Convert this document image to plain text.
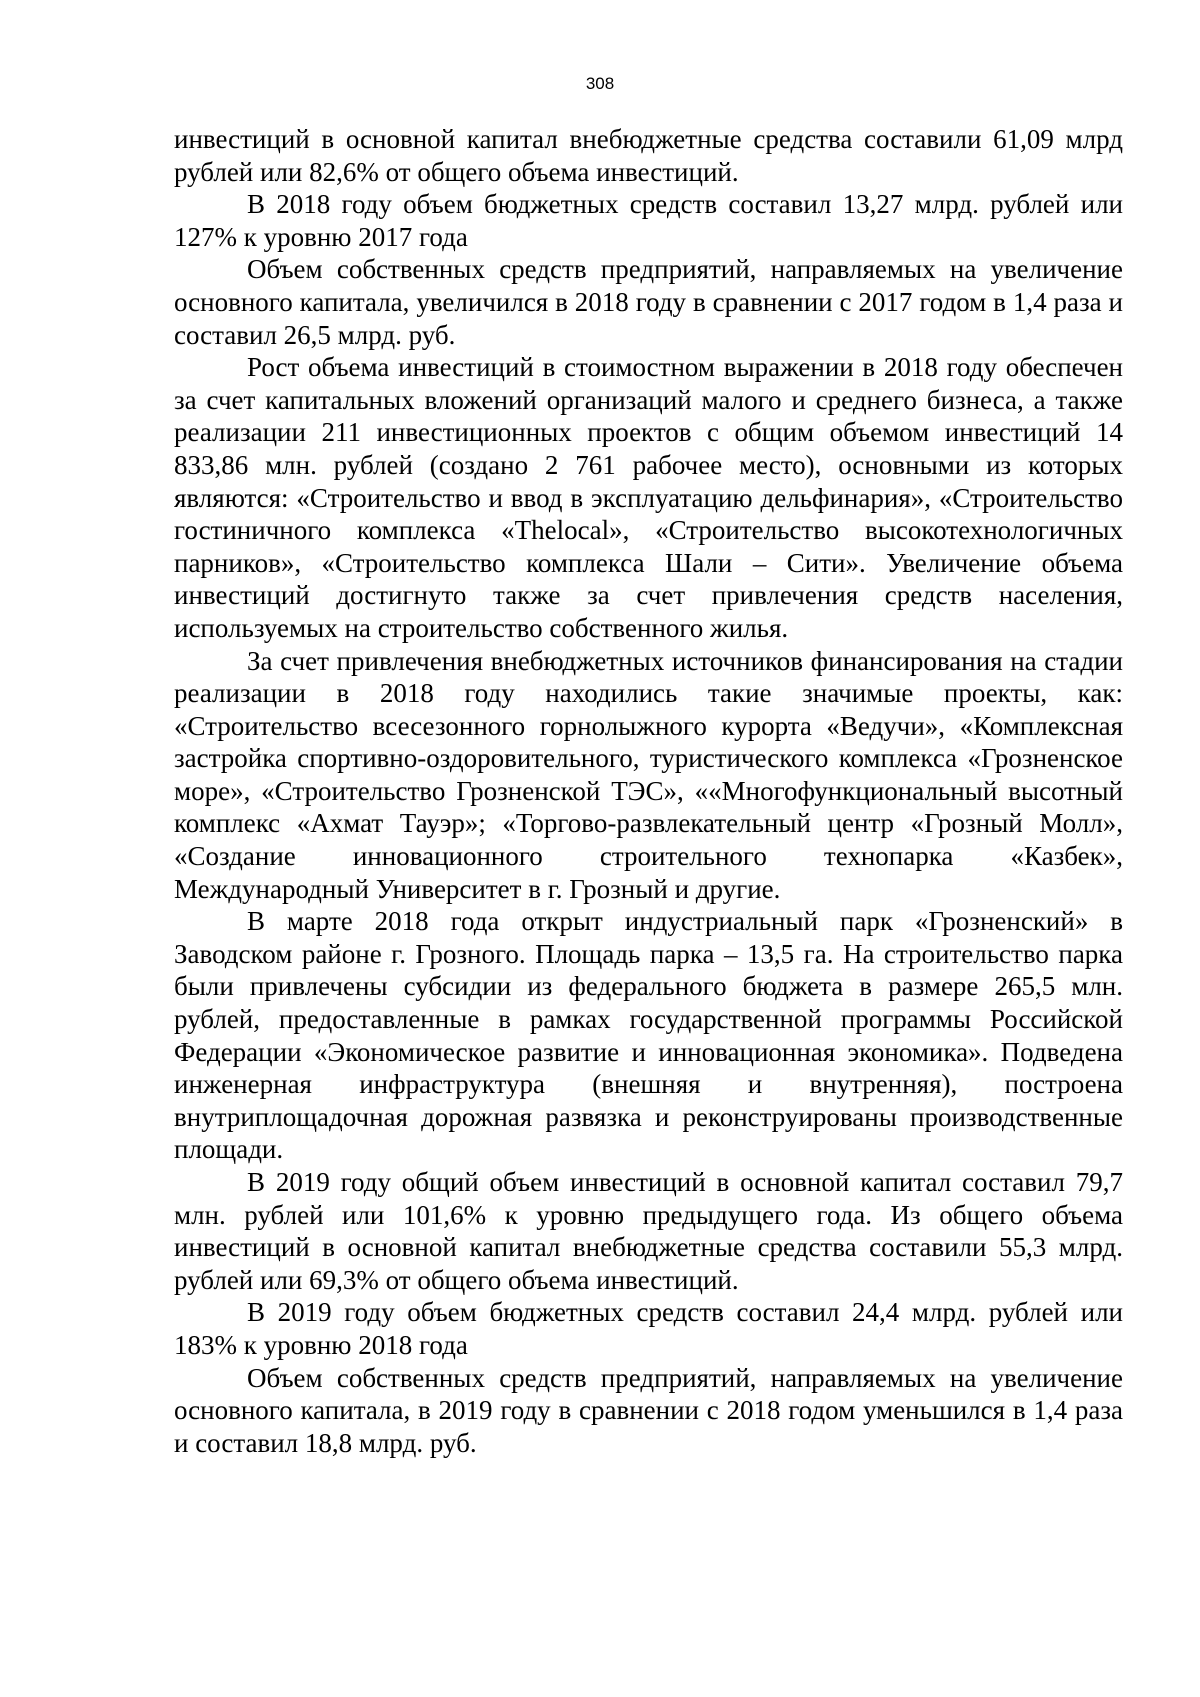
308

инвестиций в основной капитал внебюджетные средства составили 61,09 млрд рублей или 82,6% от общего объема инвестиций.

В 2018 году объем бюджетных средств составил 13,27 млрд. рублей или 127% к уровню 2017 года

Объем собственных средств предприятий, направляемых на увеличение основного капитала, увеличился в 2018 году в сравнении с 2017 годом в 1,4 раза и составил 26,5 млрд. руб.

Рост объема инвестиций в стоимостном выражении в 2018 году обеспечен за счет капитальных вложений организаций малого и среднего бизнеса, а также реализации 211 инвестиционных проектов с общим объемом инвестиций 14 833,86 млн. рублей (создано 2 761 рабочее место), основными из которых являются: «Строительство и ввод в эксплуатацию дельфинария», «Строительство гостиничного комплекса «Thelocal», «Строительство высокотехнологичных парников», «Строительство комплекса Шали – Сити». Увеличение объема инвестиций достигнуто также за счет привлечения средств населения, используемых на строительство собственного жилья.

За счет привлечения внебюджетных источников финансирования на стадии реализации в 2018 году находились такие значимые проекты, как: «Строительство всесезонного горнолыжного курорта «Ведучи», «Комплексная застройка спортивно-оздоровительного, туристического комплекса «Грозненское море», «Строительство Грозненской ТЭС», ««Многофункциональный высотный комплекс «Ахмат Тауэр»; «Торгово-развлекательный центр «Грозный Молл», «Создание инновационного строительного технопарка «Казбек», Международный Университет в г. Грозный и другие.

В марте 2018 года открыт индустриальный парк «Грозненский» в Заводском районе г. Грозного. Площадь парка – 13,5 га. На строительство парка были привлечены субсидии из федерального бюджета в размере 265,5 млн. рублей, предоставленные в рамках государственной программы Российской Федерации «Экономическое развитие и инновационная экономика». Подведена инженерная инфраструктура (внешняя и внутренняя), построена внутриплощадочная дорожная развязка и реконструированы производственные площади.

В 2019 году общий объем инвестиций в основной капитал составил 79,7 млн. рублей или 101,6% к уровню предыдущего года. Из общего объема инвестиций в основной капитал внебюджетные средства составили 55,3 млрд. рублей или 69,3% от общего объема инвестиций.

В 2019 году объем бюджетных средств составил 24,4 млрд. рублей или 183% к уровню 2018 года

Объем собственных средств предприятий, направляемых на увеличение основного капитала, в 2019 году в сравнении с 2018 годом уменьшился в 1,4 раза и составил 18,8 млрд. руб.
